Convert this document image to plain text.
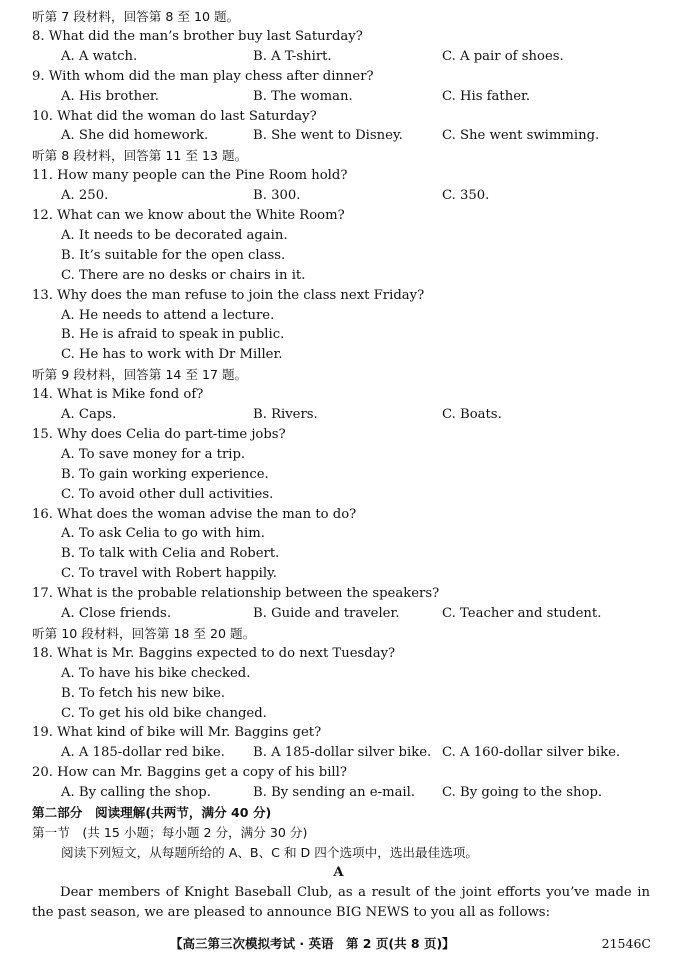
听第 7 段材料，回答第 8 至 10 题。
8. What did the man’s brother buy last Saturday?
A. A watch.	B. A T-shirt.	C. A pair of shoes.
9. With whom did the man play chess after dinner?
A. His brother.	B. The woman.	C. His father.
10. What did the woman do last Saturday?
A. She did homework.	B. She went to Disney.	C. She went swimming.
听第 8 段材料，回答第 11 至 13 题。
11. How many people can the Pine Room hold?
A. 250.	B. 300.	C. 350.
12. What can we know about the White Room?
A. It needs to be decorated again.
B. It’s suitable for the open class.
C. There are no desks or chairs in it.
13. Why does the man refuse to join the class next Friday?
A. He needs to attend a lecture.
B. He is afraid to speak in public.
C. He has to work with Dr Miller.
听第 9 段材料，回答第 14 至 17 题。
14. What is Mike fond of?
A. Caps.	B. Rivers.	C. Boats.
15. Why does Celia do part-time jobs?
A. To save money for a trip.
B. To gain working experience.
C. To avoid other dull activities.
16. What does the woman advise the man to do?
A. To ask Celia to go with him.
B. To talk with Celia and Robert.
C. To travel with Robert happily.
17. What is the probable relationship between the speakers?
A. Close friends.	B. Guide and traveler.	C. Teacher and student.
听第 10 段材料，回答第 18 至 20 题。
18. What is Mr. Baggins expected to do next Tuesday?
A. To have his bike checked.
B. To fetch his new bike.
C. To get his old bike changed.
19. What kind of bike will Mr. Baggins get?
A. A 185-dollar red bike. B. A 185-dollar silver bike. C. A 160-dollar silver bike.
20. How can Mr. Baggins get a copy of his bill?
A. By calling the shop.	B. By sending an e-mail. C. By going to the shop.
第二部分　阅读理解(共两节，满分 40 分)
第一节　(共 15 小题；每小题 2 分，满分 30 分)
阅读下列短文，从每题所给的 A、B、C 和 D 四个选项中，选出最佳选项。
A
Dear members of Knight Baseball Club, as a result of the joint efforts you’ve made in the past season, we are pleased to announce BIG NEWS to you all as follows:
【高三第三次模拟考试 · 英语　第 2 页(共 8 页)】	21546C
